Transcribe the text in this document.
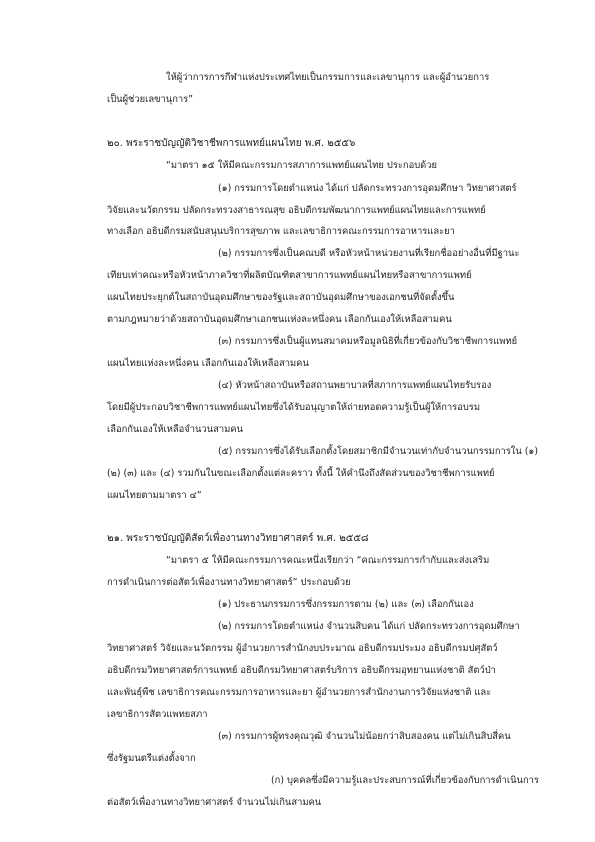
ให้ผู้ว่าการการกีฬาแห่งประเทศไทยเป็นกรรมการและเลขานุการ และผู้อำนวยการ
เป็นผู้ช่วยเลขานุการ”
๒๐. พระราชบัญญัติวิชาชีพการแพทย์แผนไทย พ.ศ. ๒๕๕๖
“มาตรา ๑๕ ให้มีคณะกรรมการสภาการแพทย์แผนไทย ประกอบด้วย
(๑) กรรมการโดยตำแหน่ง ได้แก่ ปลัดกระทรวงการอุดมศึกษา วิทยาศาสตร์
วิจัยและนวัตกรรม ปลัดกระทรวงสาธารณสุข อธิบดีกรมพัฒนาการแพทย์แผนไทยและการแพทย์
ทางเลือก อธิบดีกรมสนับสนุนบริการสุขภาพ และเลขาธิการคณะกรรมการอาหารและยา
(๒) กรรมการซึ่งเป็นคณบดี หรือหัวหน้าหน่วยงานที่เรียกชื่ออย่างอื่นที่มีฐานะ
เทียบเท่าคณะหรือหัวหน้าภาควิชาที่ผลิตบัณฑิตสาขาการแพทย์แผนไทยหรือสาขาการแพทย์
แผนไทยประยุกต์ในสถาบันอุดมศึกษาของรัฐและสถาบันอุดมศึกษาของเอกชนที่จัดตั้งขึ้น
ตามกฎหมายว่าด้วยสถาบันอุดมศึกษาเอกชนแห่งละหนึ่งคน เลือกกันเองให้เหลือสามคน
(๓) กรรมการซึ่งเป็นผู้แทนสมาคมหรือมูลนิธิที่เกี่ยวข้องกับวิชาชีพการแพทย์
แผนไทยแห่งละหนึ่งคน เลือกกันเองให้เหลือสามคน
(๔) หัวหน้าสถาบันหรือสถานพยาบาลที่สภาการแพทย์แผนไทยรับรอง
โดยมีผู้ประกอบวิชาชีพการแพทย์แผนไทยซึ่งได้รับอนุญาตให้ถ่ายทอดความรู้เป็นผู้ให้การอบรม
เลือกกันเองให้เหลือจำนวนสามคน
(๕) กรรมการซึ่งได้รับเลือกตั้งโดยสมาชิกมีจำนวนเท่ากับจำนวนกรรมการใน (๑)
(๒) (๓) และ (๔) รวมกันในขณะเลือกตั้งแต่ละคราว ทั้งนี้ ให้คำนึงถึงสัดส่วนของวิชาชีพการแพทย์
แผนไทยตามมาตรา ๔”
๒๑. พระราชบัญญัติสัตว์เพื่องานทางวิทยาศาสตร์ พ.ศ. ๒๕๕๘
“มาตรา ๕ ให้มีคณะกรรมการคณะหนึ่งเรียกว่า “คณะกรรมการกำกับและส่งเสริม
การดำเนินการต่อสัตว์เพื่องานทางวิทยาศาสตร์” ประกอบด้วย
(๑) ประธานกรรมการซึ่งกรรมการตาม (๒) และ (๓) เลือกกันเอง
(๒) กรรมการโดยตำแหน่ง จำนวนสิบคน ได้แก่ ปลัดกระทรวงการอุดมศึกษา
วิทยาศาสตร์ วิจัยและนวัตกรรม ผู้อำนวยการสำนักงบประมาณ อธิบดีกรมประมง อธิบดีกรมปศุสัตว์
อธิบดีกรมวิทยาศาสตร์การแพทย์ อธิบดีกรมวิทยาศาสตร์บริการ อธิบดีกรมอุทยานแห่งชาติ สัตว์ป่า
และพันธุ์พืช เลขาธิการคณะกรรมการอาหารและยา ผู้อำนวยการสำนักงานการวิจัยแห่งชาติ และ
เลขาธิการสัตวแพทยสภา
(๓) กรรมการผู้ทรงคุณวุฒิ จำนวนไม่น้อยกว่าสิบสองคน แต่ไม่เกินสิบสี่คน
ซึ่งรัฐมนตรีแต่งตั้งจาก
(ก) บุคคลซึ่งมีความรู้และประสบการณ์ที่เกี่ยวข้องกับการดำเนินการ
ต่อสัตว์เพื่องานทางวิทยาศาสตร์ จำนวนไม่เกินสามคน
